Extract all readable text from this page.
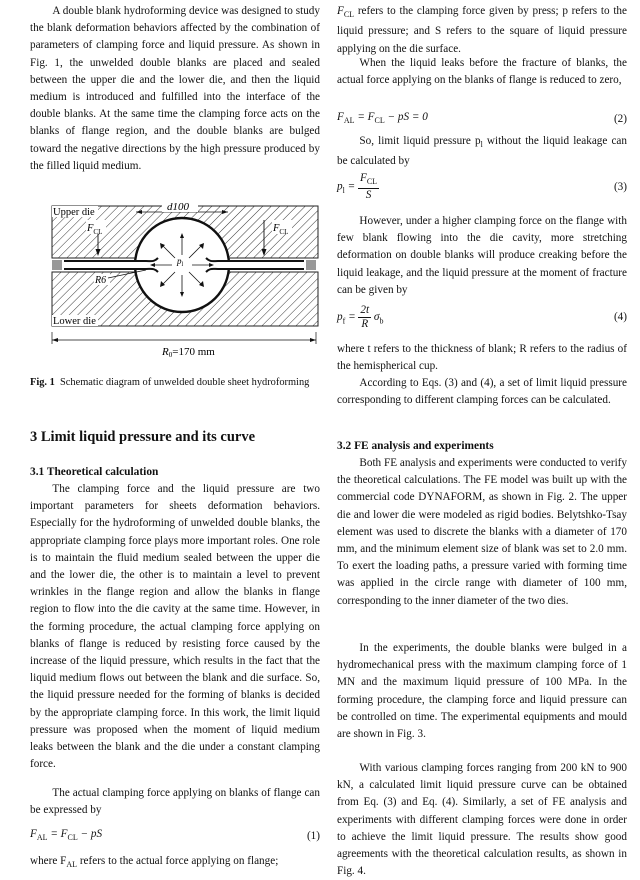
A double blank hydroforming device was designed to study the blank deformation behaviors affected by the combination of parameters of clamping force and liquid pressure. As shown in Fig. 1, the unwelded double blanks are placed and sealed between the upper die and the lower die, and then the liquid medium is introduced and fulfilled into the interface of the double blanks. At the same time the clamping force acts on the blanks of flange region, and the double blanks are bulged toward the negative directions by the high pressure produced by the filled liquid medium.

d100
Upper die
Lower die
$F_{CL}$	$F_{CL}$
$p_l$
R6
R0=170 mm

Fig. 1 Schematic diagram of unwelded double sheet hydroforming

3 Limit liquid pressure and its curve
3.1 Theoretical calculation

The clamping force and the liquid pressure are two important parameters for sheets deformation behaviors. Especially for the hydroforming of unwelded double blanks, the appropriate clamping force plays more important roles. One role is to maintain the fluid medium sealed between the upper die and the lower die, the other is to maintain a level to prevent wrinkles in the flange region and allow the blanks in flange region to flow into the die cavity at the same time. However, in the forming procedure, the actual clamping force applying on blanks of flange is reduced by resisting force caused by the increase of the liquid pressure, which results in the fact that the liquid medium flows out between the blank and die surface. So, the liquid pressure needed for the forming of blanks is decided by the appropriate clamping force. In this work, the limit liquid pressure was proposed when the moment of liquid medium leaks between the blank and the die under a constant clamping force.

The actual clamping force applying on blanks of flange can be expressed by

$F_{AL} = F_{CL}$ − pS	(1)

where $F_{AL}$ refers to the actual force applying on flange;

$F_{CL}$ refers to the clamping force given by press; p refers to the liquid pressure; and S refers to the square of liquid pressure applying on the die surface.

When the liquid leaks before the fracture of blanks, the actual force applying on the blanks of flange is reduced to zero,

$F_{AL} = F_{CL}$ − pS = 0	(2)

So, limit liquid pressure $p_l$ without the liquid leakage can be calculated by

$p_l = \frac{F_{CL}}{S}$	(3)

However, under a higher clamping force on the flange with few blank flowing into the die cavity, more stretching deformation on double blanks will produce creaking before the liquid leakage, and the liquid pressure at the moment of fracture can be given by

$p_f = \frac{2t}{R} \sigma_b$	(4)

where t refers to the thickness of blank; R refers to the radius of the hemispherical cup.

According to Eqs. (3) and (4), a set of limit liquid pressure corresponding to different clamping forces can be calculated.

3.2 FE analysis and experiments

Both FE analysis and experiments were conducted to verify the theoretical calculations. The FE model was built up with the commercial code DYNAFORM, as shown in Fig. 2. The upper die and lower die were modeled as rigid bodies. Belytshko-Tsay element was used to discrete the blanks with a diameter of 170 mm, and the minimum element size of blank was set to 2.0 mm. To exert the loading paths, a pressure varied with forming time was applied in the circle range with diameter of 100 mm, corresponding to the inner diameter of the two dies.

In the experiments, the double blanks were bulged in a hydromechanical press with the maximum clamping force of 1 MN and the maximum liquid pressure of 100 MPa. In the forming procedure, the clamping force and liquid pressure can be controlled on time. The experimental equipments and mould are shown in Fig. 3.

With various clamping forces ranging from 200 kN to 900 kN, a calculated limit liquid pressure curve can be obtained from Eq. (3) and Eq. (4). Similarly, a set of FE analysis and experiments with different clamping forces were done in order to achieve the limit liquid pressure. The results show good agreements with the theoretical calculation results, as shown in Fig. 4.
